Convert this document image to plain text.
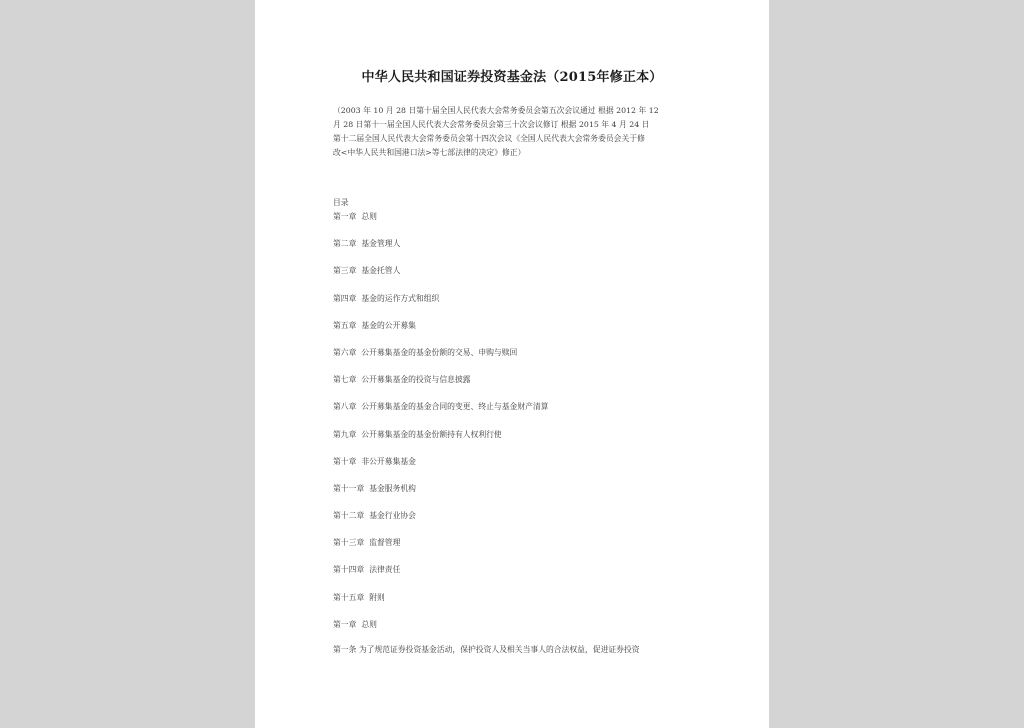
中华人民共和国证券投资基金法（2015年修正本）

（2003 年 10 月 28 日第十届全国人民代表大会常务委员会第五次会议通过 根据 2012 年 12
月 28 日第十一届全国人民代表大会常务委员会第三十次会议修订 根据 2015 年 4 月 24 日
第十二届全国人民代表大会常务委员会第十四次会议《全国人民代表大会常务委员会关于修
改<中华人民共和国港口法>等七部法律的决定》修正）

目录

第一章 总则
第二章 基金管理人
第三章 基金托管人
第四章 基金的运作方式和组织
第五章 基金的公开募集
第六章 公开募集基金的基金份额的交易、申购与赎回
第七章 公开募集基金的投资与信息披露
第八章 公开募集基金的基金合同的变更、终止与基金财产清算
第九章 公开募集基金的基金份额持有人权利行使
第十章 非公开募集基金
第十一章 基金服务机构
第十二章 基金行业协会
第十三章 监督管理
第十四章 法律责任
第十五章 附则
第一章 总则

第一条 为了规范证券投资基金活动，保护投资人及相关当事人的合法权益，促进证券投资
